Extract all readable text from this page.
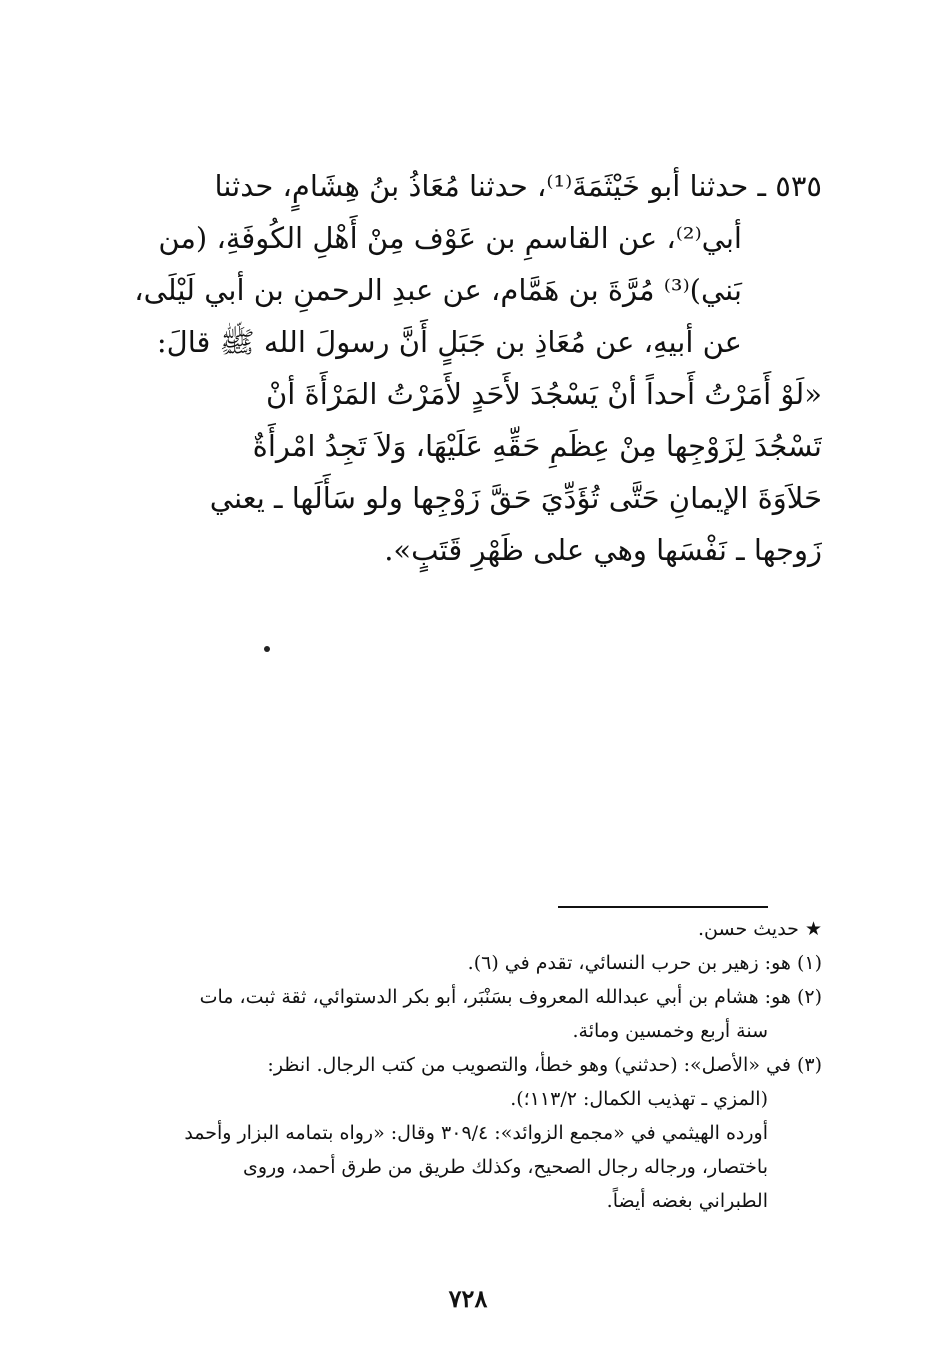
٥٣٥ ـ حدثنا أبو خَيْثَمَةَ⁽¹⁾، حدثنا مُعَاذُ بنُ هِشَامٍ، حدثنا
أبي⁽²⁾، عن القاسمِ بن عَوْف مِنْ أَهْلِ الكُوفَةِ، (من
بَني)⁽³⁾ مُرَّةَ بن هَمَّام، عن عبدِ الرحمنِ بن أبي لَيْلَى،
عن أبيهِ، عن مُعَاذِ بن جَبَلٍ أَنَّ رسولَ الله ﷺ قالَ:
«لَوْ أَمَرْتُ أَحداً أنْ يَسْجُدَ لأَحَدٍ لأَمَرْتُ المَرْأَةَ أنْ
تَسْجُدَ لِزَوْجِها مِنْ عِظَمِ حَقِّهِ عَلَيْهَا، وَلاَ تَجِدُ امْرأَةٌ
حَلاَوَةَ الإيمانِ حَتَّى تُؤَدِّيَ حَقَّ زَوْجِها ولو سَأَلَها ـ يعني
زَوجها ـ نَفْسَها وهي على ظَهْرِ قَتَبٍ».
★ حديث حسن.
(١) هو: زهير بن حرب النسائي، تقدم في (٦).
(٢) هو: هشام بن أبي عبدالله المعروف بسَنْبَر، أبو بكر الدستوائي، ثقة ثبت، مات
سنة أربع وخمسين ومائة.
(٣) في «الأصل»: (حدثني) وهو خطأ، والتصويب من كتب الرجال. انظر:
(المزي ـ تهذيب الكمال: ١١٣/٢؛).
أورده الهيثمي في «مجمع الزوائد»: ٣٠٩/٤ وقال: «رواه بتمامه البزار وأحمد
باختصار، ورجاله رجال الصحيح، وكذلك طريق من طرق أحمد، وروى
الطبراني بغضه أيضاً.
٧٢٨
